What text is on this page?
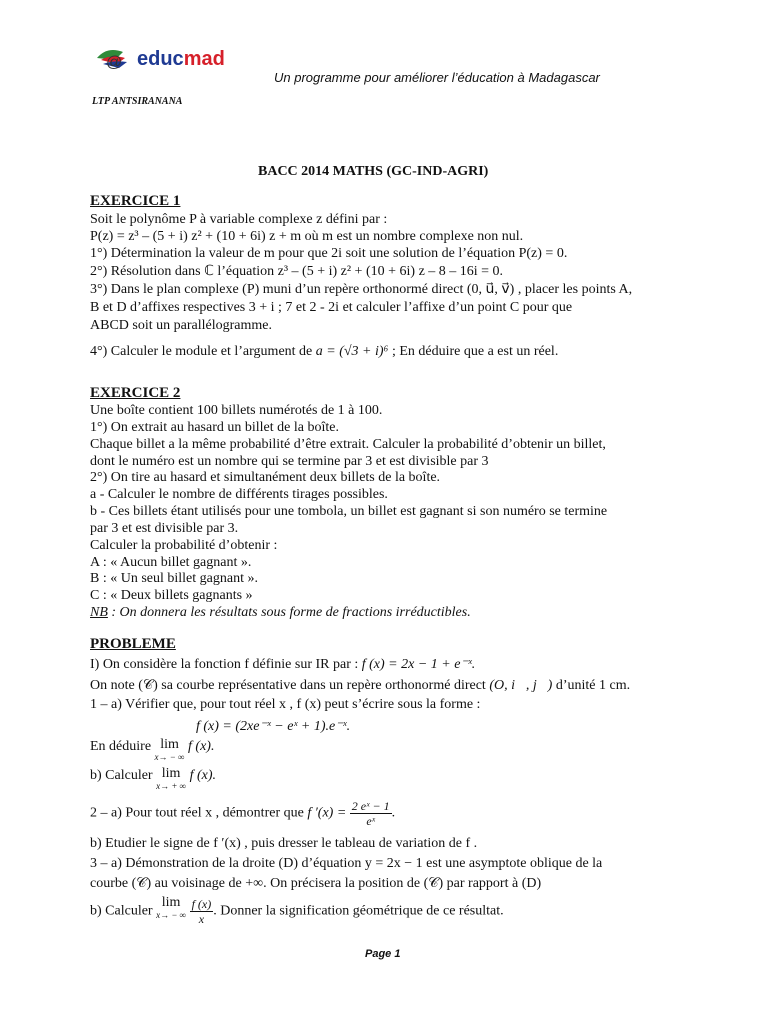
@ educmad
Un programme pour améliorer l’éducation à Madagascar
LTP ANTSIRANANA
BACC 2014 MATHS (GC-IND-AGRI)
EXERCICE 1
Soit le polynôme P à variable complexe z défini par :
P(z) = z³ – (5 + i) z² + (10 + 6i) z + m où m est un nombre complexe non nul.
1°) Détermination la valeur de m pour que 2i soit une solution de l’équation P(z) = 0.
2°) Résolution dans ℂ l’équation z³ – (5 + i) z² + (10 + 6i) z – 8 – 16i = 0.
3°) Dans le plan complexe (P) muni d’un repère orthonormé direct (0, u⃗, v⃗) , placer les points A,
B et D d’affixes respectives 3 + i ; 7 et 2 - 2i et calculer l’affixe d’un point C pour que
ABCD soit un parallélogramme.
4°) Calculer le module et l’argument de a = (√3 + i)⁶ ; En déduire que a est un réel.
EXERCICE 2
Une boîte contient 100 billets numérotés de 1 à 100.
1°) On extrait au hasard un billet de la boîte.
Chaque billet a la même probabilité d’être extrait. Calculer la probabilité d’obtenir un billet,
dont le numéro est un nombre qui se termine par 3 et est divisible par 3
2°) On tire au hasard et simultanément deux billets de la boîte.
a - Calculer le nombre de différents tirages possibles.
b - Ces billets étant utilisés pour une tombola, un billet est gagnant si son numéro se termine
par 3 et est divisible par 3.
Calculer la probabilité d’obtenir :
A : « Aucun billet gagnant ».
B : « Un seul billet gagnant ».
C : « Deux billets gagnants »
NB : On donnera les résultats sous forme de fractions irréductibles.
PROBLEME
I) On considère la fonction f définie sur IR par : f (x) = 2x − 1 + e⁻ˣ.
On note (𝒞) sa courbe représentative dans un repère orthonormé direct (O, i⃗, j⃗) d’unité 1 cm.
1 – a) Vérifier que, pour tout réel x , f (x) peut s’écrire sous la forme :
f (x) = (2xe⁻ˣ − eˣ + 1).e⁻ˣ.
En déduire lim
x→ − ∞
f (x).
b) Calculer lim
x→ + ∞
f (x).
2 – a) Pour tout réel x , démontrer que f $'(x) = \frac{\text{2 eˣ − 1}}{\text{eˣ}}$ .
b) Etudier le signe de f ′(x) , puis dresser le tableau de variation de f .
3 – a) Démonstration de la droite (D) d’équation y = 2x − 1 est une asymptote oblique de la
courbe (𝒞) au voisinage de +∞. On précisera la position de (𝒞) par rapport à (D)
b) Calculer lim
x→ − ∞
$\frac{f (x)}{x}$ . Donner la signification géométrique de ce résultat.
Page 1
